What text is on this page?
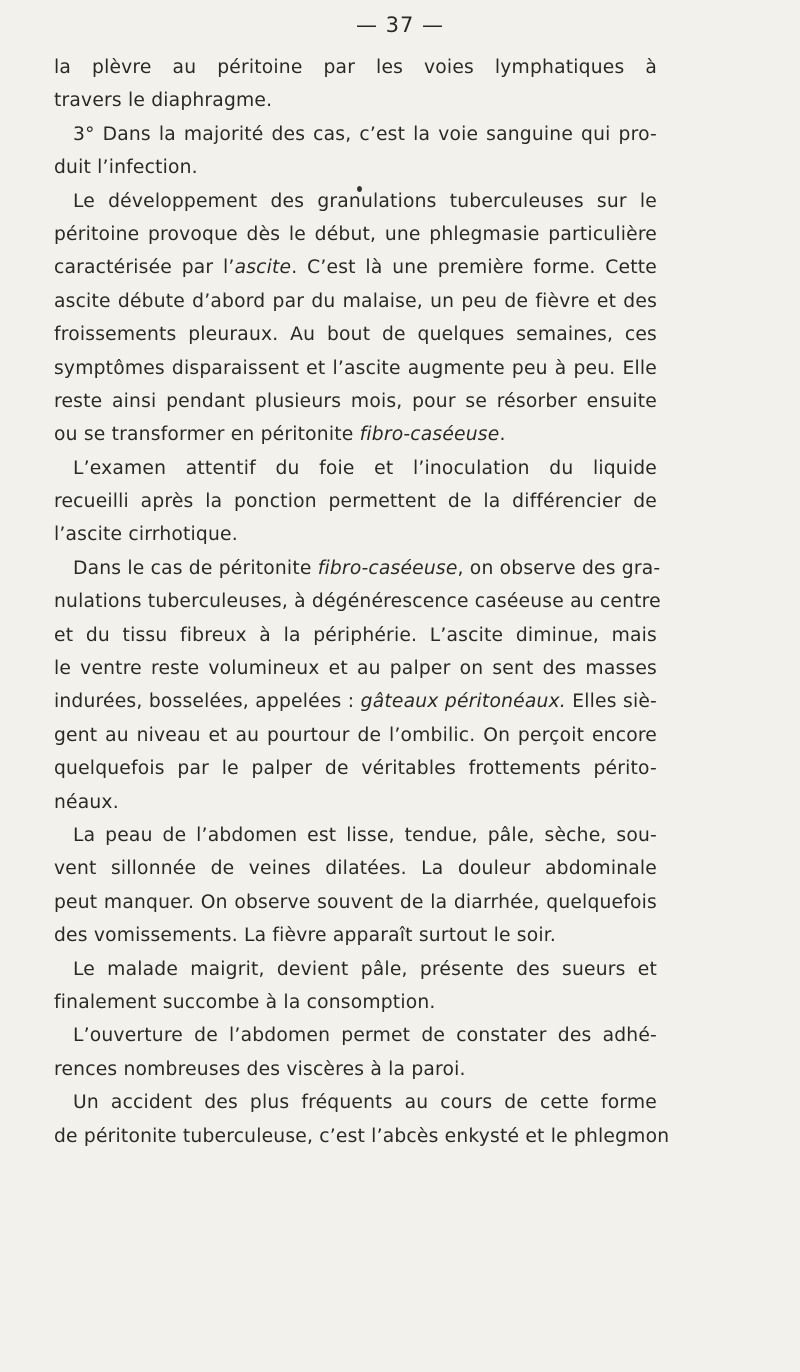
— 37 —
la plèvre au péritoine par les voies lymphatiques à
travers le diaphragme.
3° Dans la majorité des cas, c’est la voie sanguine qui pro-
duit l’infection.
Le développement des granulations tuberculeuses sur le
péritoine provoque dès le début, une phlegmasie particulière
caractérisée par l’ascite. C’est là une première forme. Cette
ascite débute d’abord par du malaise, un peu de fièvre et des
froissements pleuraux. Au bout de quelques semaines, ces
symptômes disparaissent et l’ascite augmente peu à peu. Elle
reste ainsi pendant plusieurs mois, pour se résorber ensuite
ou se transformer en péritonite fibro-caséeuse.
L’examen attentif du foie et l’inoculation du liquide
recueilli après la ponction permettent de la différencier de
l’ascite cirrhotique.
Dans le cas de péritonite fibro-caséeuse, on observe des gra-
nulations tuberculeuses, à dégénérescence caséeuse au centre
et du tissu fibreux à la périphérie. L’ascite diminue, mais
le ventre reste volumineux et au palper on sent des masses
indurées, bosselées, appelées : gâteaux péritonéaux. Elles siè-
gent au niveau et au pourtour de l’ombilic. On perçoit encore
quelquefois par le palper de véritables frottements périto-
néaux.
La peau de l’abdomen est lisse, tendue, pâle, sèche, sou-
vent sillonnée de veines dilatées. La douleur abdominale
peut manquer. On observe souvent de la diarrhée, quelquefois
des vomissements. La fièvre apparaît surtout le soir.
Le malade maigrit, devient pâle, présente des sueurs et
finalement succombe à la consomption.
L’ouverture de l’abdomen permet de constater des adhé-
rences nombreuses des viscères à la paroi.
Un accident des plus fréquents au cours de cette forme
de péritonite tuberculeuse, c’est l’abcès enkysté et le phlegmon
